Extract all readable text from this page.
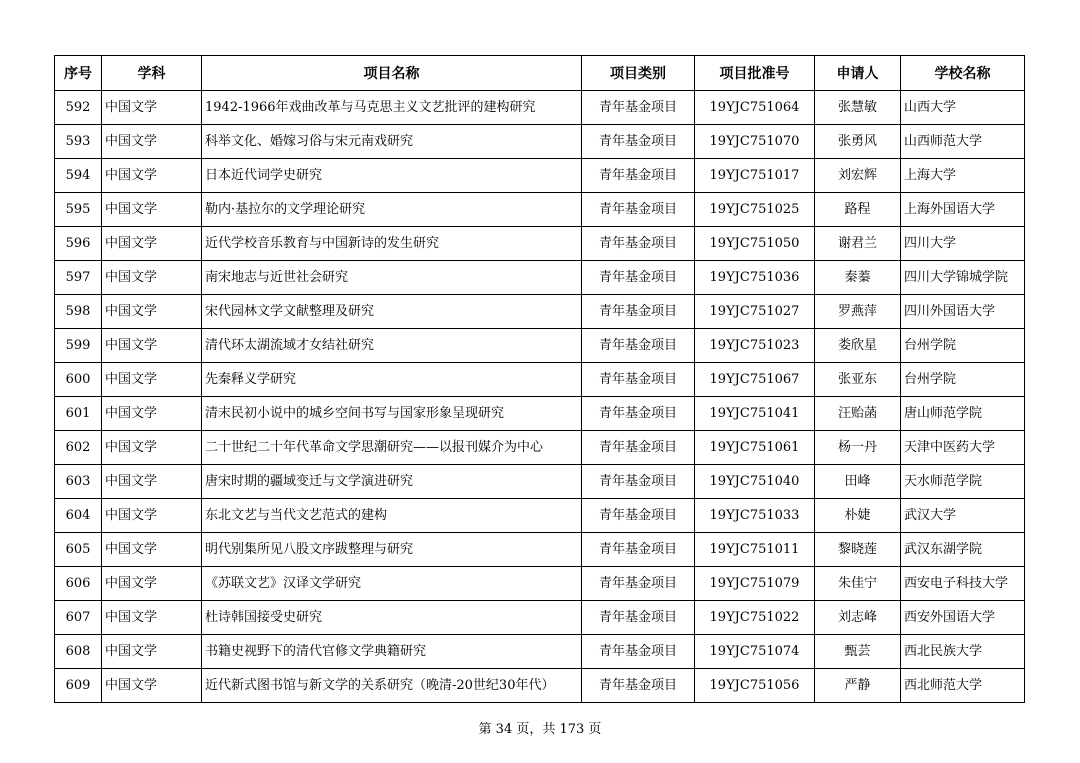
序号	学科	项目名称	项目类别	项目批准号	申请人	学校名称
592	中国文学	1942-1966年戏曲改革与马克思主义文艺批评的建构研究	青年基金项目	19YJC751064	张慧敏	山西大学
593	中国文学	科举文化、婚嫁习俗与宋元南戏研究	青年基金项目	19YJC751070	张勇风	山西师范大学
594	中国文学	日本近代词学史研究	青年基金项目	19YJC751017	刘宏辉	上海大学
595	中国文学	勒内·基拉尔的文学理论研究	青年基金项目	19YJC751025	路程	上海外国语大学
596	中国文学	近代学校音乐教育与中国新诗的发生研究	青年基金项目	19YJC751050	谢君兰	四川大学
597	中国文学	南宋地志与近世社会研究	青年基金项目	19YJC751036	秦蓁	四川大学锦城学院
598	中国文学	宋代园林文学文献整理及研究	青年基金项目	19YJC751027	罗燕萍	四川外国语大学
599	中国文学	清代环太湖流域才女结社研究	青年基金项目	19YJC751023	娄欣星	台州学院
600	中国文学	先秦释义学研究	青年基金项目	19YJC751067	张亚东	台州学院
601	中国文学	清末民初小说中的城乡空间书写与国家形象呈现研究	青年基金项目	19YJC751041	汪贻菡	唐山师范学院
602	中国文学	二十世纪二十年代革命文学思潮研究——以报刊媒介为中心	青年基金项目	19YJC751061	杨一丹	天津中医药大学
603	中国文学	唐宋时期的疆域变迁与文学演进研究	青年基金项目	19YJC751040	田峰	天水师范学院
604	中国文学	东北文艺与当代文艺范式的建构	青年基金项目	19YJC751033	朴婕	武汉大学
605	中国文学	明代别集所见八股文序跋整理与研究	青年基金项目	19YJC751011	黎晓莲	武汉东湖学院
606	中国文学	《苏联文艺》汉译文学研究	青年基金项目	19YJC751079	朱佳宁	西安电子科技大学
607	中国文学	杜诗韩国接受史研究	青年基金项目	19YJC751022	刘志峰	西安外国语大学
608	中国文学	书籍史视野下的清代官修文学典籍研究	青年基金项目	19YJC751074	甄芸	西北民族大学
609	中国文学	近代新式图书馆与新文学的关系研究（晚清-20世纪30年代）	青年基金项目	19YJC751056	严静	西北师范大学
第 34 页，共 173 页
